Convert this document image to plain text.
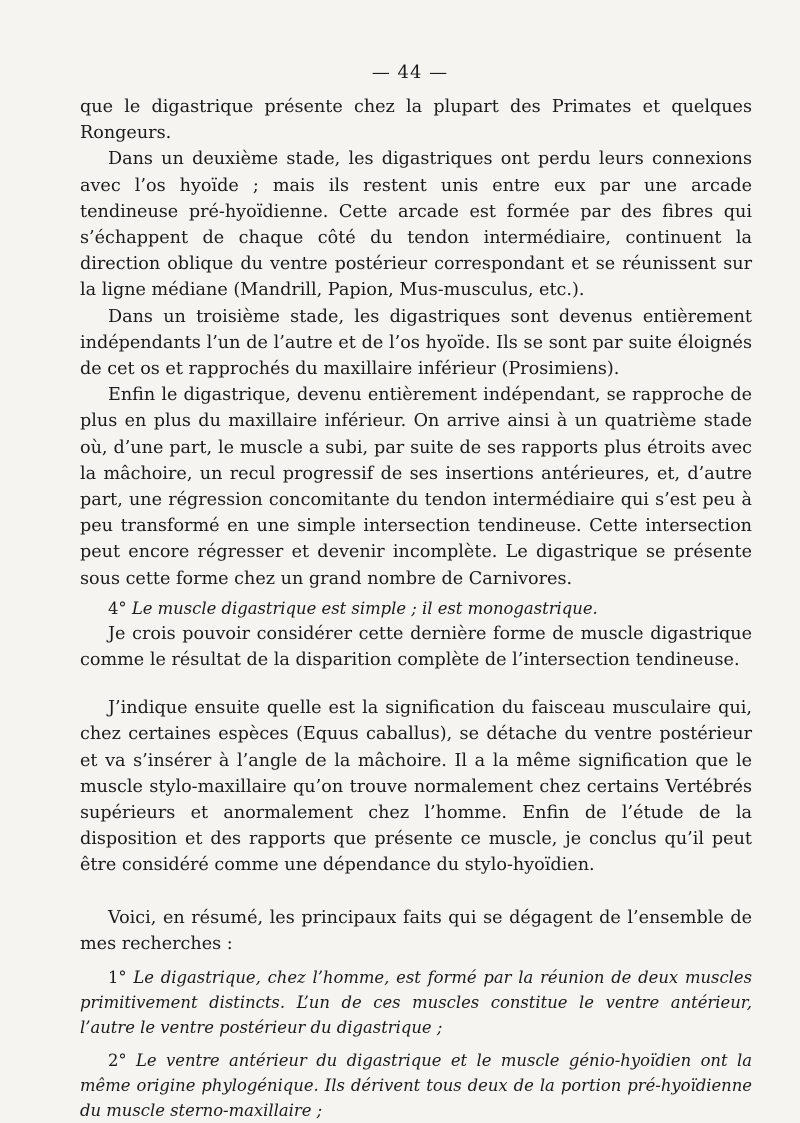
— 44 —

que le digastrique présente chez la plupart des Primates et quelques Rongeurs.

Dans un deuxième stade, les digastriques ont perdu leurs connexions avec l’os hyoïde ; mais ils restent unis entre eux par une arcade tendineuse pré-hyoïdienne. Cette arcade est formée par des fibres qui s’échappent de chaque côté du tendon intermédiaire, continuent la direction oblique du ventre postérieur correspondant et se réunissent sur la ligne médiane (Mandrill, Papion, Mus-musculus, etc.).

Dans un troisième stade, les digastriques sont devenus entièrement indépendants l’un de l’autre et de l’os hyoïde. Ils se sont par suite éloignés de cet os et rapprochés du maxillaire inférieur (Prosimiens).

Enfin le digastrique, devenu entièrement indépendant, se rapproche de plus en plus du maxillaire inférieur. On arrive ainsi à un quatrième stade où, d’une part, le muscle a subi, par suite de ses rapports plus étroits avec la mâchoire, un recul progressif de ses insertions antérieures, et, d’autre part, une régression concomitante du tendon intermédiaire qui s’est peu à peu transformé en une simple intersection tendineuse. Cette intersection peut encore régresser et devenir incomplète. Le digastrique se présente sous cette forme chez un grand nombre de Carnivores.

4° Le muscle digastrique est simple ; il est monogastrique.

Je crois pouvoir considérer cette dernière forme de muscle digastrique comme le résultat de la disparition complète de l’intersection tendineuse.

J’indique ensuite quelle est la signification du faisceau musculaire qui, chez certaines espèces (Equus caballus), se détache du ventre postérieur et va s’insérer à l’angle de la mâchoire. Il a la même signification que le muscle stylo-maxillaire qu’on trouve normalement chez certains Vertébrés supérieurs et anormalement chez l’homme. Enfin de l’étude de la disposition et des rapports que présente ce muscle, je conclus qu’il peut être considéré comme une dépendance du stylo-hyoïdien.

Voici, en résumé, les principaux faits qui se dégagent de l’ensemble de mes recherches :

1° Le digastrique, chez l’homme, est formé par la réunion de deux muscles primitivement distincts. L’un de ces muscles constitue le ventre antérieur, l’autre le ventre postérieur du digastrique ;

2° Le ventre antérieur du digastrique et le muscle génio-hyoïdien ont la même origine phylogénique. Ils dérivent tous deux de la portion pré-hyoïdienne du muscle sterno-maxillaire ;
